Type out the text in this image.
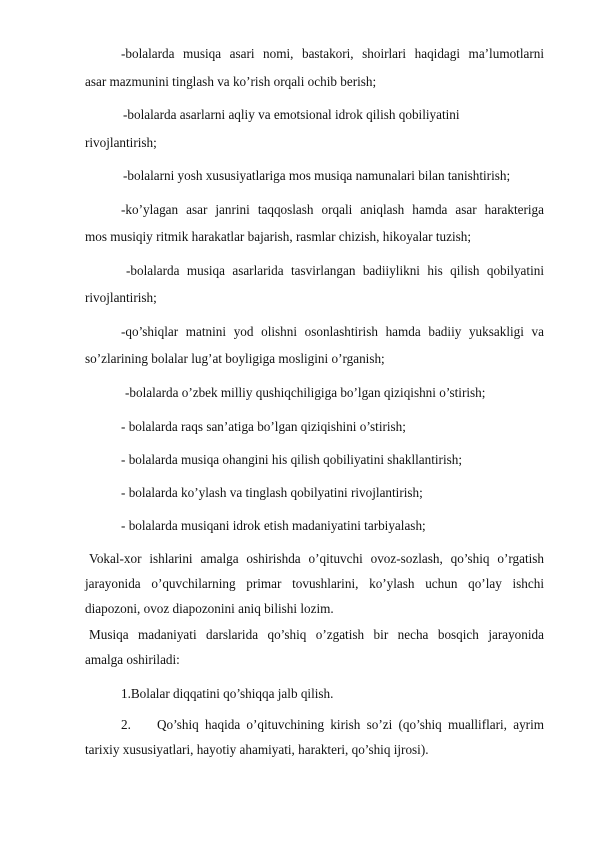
-bolalarda musiqa asari nomi, bastakori, shoirlari haqidagi ma’lumotlarni
asar mazmunini tinglash va ko’rish orqali ochib berish;
-bolalarda asarlarni aqliy va emotsional idrok qilish qobiliyatini
rivojlantirish;
-bolalarni yosh xususiyatlariga mos musiqa namunalari bilan tanishtirish;
-ko’ylagan asar janrini taqqoslash orqali aniqlash hamda asar harakteriga
mos musiqiy ritmik harakatlar bajarish, rasmlar chizish, hikoyalar tuzish;
-bolalarda musiqa asarlarida tasvirlangan badiiylikni his qilish qobilyatini
rivojlantirish;
-qo’shiqlar matnini yod olishni osonlashtirish hamda badiiy yuksakligi va
so’zlarining bolalar lug’at boyligiga mosligini o’rganish;
-bolalarda o’zbek milliy qushiqchiligiga bo’lgan qiziqishni o’stirish;
- bolalarda raqs san’atiga bo’lgan qiziqishini o’stirish;
- bolalarda musiqa ohangini his qilish qobiliyatini shakllantirish;
- bolalarda ko’ylash va tinglash qobilyatini rivojlantirish;
- bolalarda musiqani idrok etish madaniyatini tarbiyalash;
Vokal-xor ishlarini amalga oshirishda o’qituvchi ovoz-sozlash, qo’shiq o’rgatish
jarayonida o’quvchilarning primar tovushlarini, ko’ylash uchun qo’lay ishchi
diapozoni, ovoz diapozonini aniq bilishi lozim.
Musiqa madaniyati darslarida qo’shiq o’zgatish bir necha bosqich jarayonida
amalga oshiriladi:
1.Bolalar diqqatini qo’shiqqa jalb qilish.
2. Qo’shiq haqida o’qituvchining kirish so’zi (qo’shiq mualliflari, ayrim
tarixiy xususiyatlari, hayotiy ahamiyati, harakteri, qo’shiq ijrosi).
